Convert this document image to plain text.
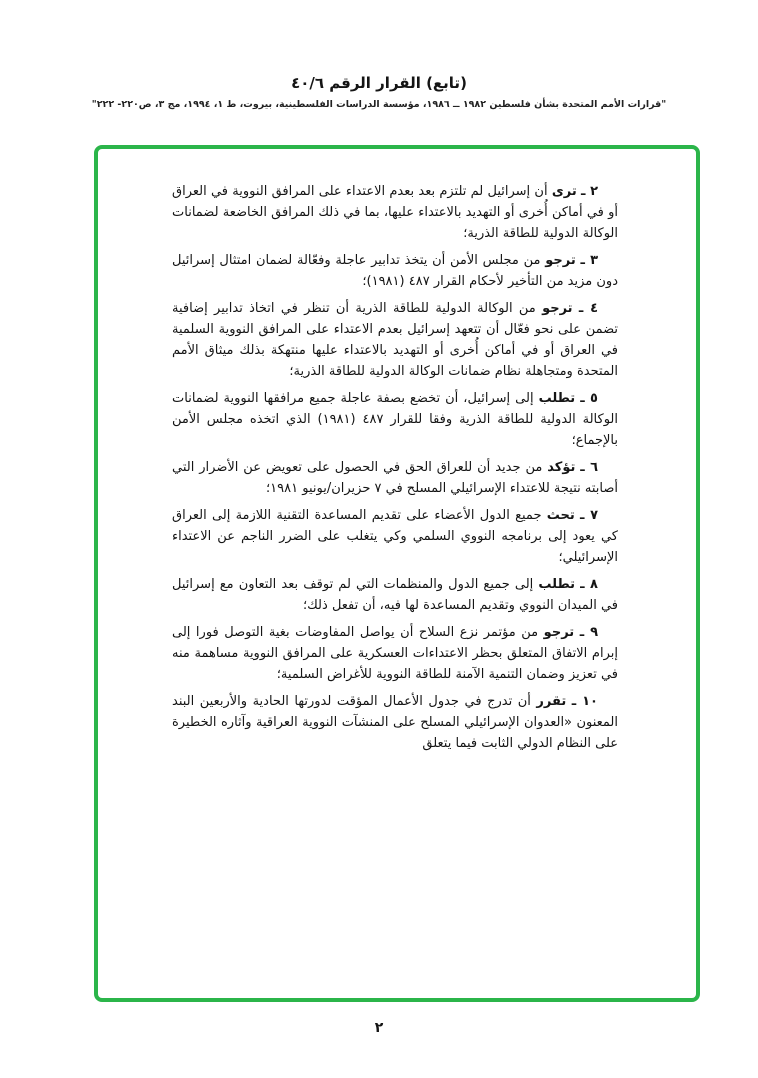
(تابع) القرار الرقم ٤٠/٦
"قرارات الأمم المتحدة بشأن فلسطين ١٩٨٢ ــ ١٩٨٦، مؤسسة الدراسات الفلسطينية، بيروت، ط ١، ١٩٩٤، مج ٣، ص٢٢٠- ٢٢٢"

٢ ـ ترى أن إسرائيل لم تلتزم بعد بعدم الاعتداء على المرافق النووية في العراق أو في أماكن أُخرى أو التهديد بالاعتداء عليها، بما في ذلك المرافق الخاضعة لضمانات الوكالة الدولية للطاقة الذرية؛

٣ ـ ترجو من مجلس الأمن أن يتخذ تدابير عاجلة وفعّالة لضمان امتثال إسرائيل دون مزيد من التأخير لأحكام القرار ٤٨٧ (١٩٨١)؛

٤ ـ ترجو من الوكالة الدولية للطاقة الذرية أن تنظر في اتخاذ تدابير إضافية تضمن على نحو فعّال أن تتعهد إسرائيل بعدم الاعتداء على المرافق النووية السلمية في العراق أو في أماكن أُخرى أو التهديد بالاعتداء عليها منتهكة بذلك ميثاق الأمم المتحدة ومتجاهلة نظام ضمانات الوكالة الدولية للطاقة الذرية؛

٥ ـ تطلب إلى إسرائيل، أن تخضع بصفة عاجلة جميع مرافقها النووية لضمانات الوكالة الدولية للطاقة الذرية وفقا للقرار ٤٨٧ (١٩٨١) الذي اتخذه مجلس الأمن بالإجماع؛

٦ ـ تؤكد من جديد أن للعراق الحق في الحصول على تعويض عن الأضرار التي أصابته نتيجة للاعتداء الإسرائيلي المسلح في ٧ حزيران/يونيو ١٩٨١؛

٧ ـ تحث جميع الدول الأعضاء على تقديم المساعدة التقنية اللازمة إلى العراق كي يعود إلى برنامجه النووي السلمي وكي يتغلب على الضرر الناجم عن الاعتداء الإسرائيلي؛

٨ ـ تطلب إلى جميع الدول والمنظمات التي لم توقف بعد التعاون مع إسرائيل في الميدان النووي وتقديم المساعدة لها فيه، أن تفعل ذلك؛

٩ ـ ترجو من مؤتمر نزع السلاح أن يواصل المفاوضات بغية التوصل فورا إلى إبرام الاتفاق المتعلق بحظر الاعتداءات العسكرية على المرافق النووية مساهمة منه في تعزيز وضمان التنمية الآمنة للطاقة النووية للأغراض السلمية؛

١٠ ـ تقرر أن تدرج في جدول الأعمال المؤقت لدورتها الحادية والأربعين البند المعنون «العدوان الإسرائيلي المسلح على المنشآت النووية العراقية وآثاره الخطيرة على النظام الدولي الثابت فيما يتعلق

٢
